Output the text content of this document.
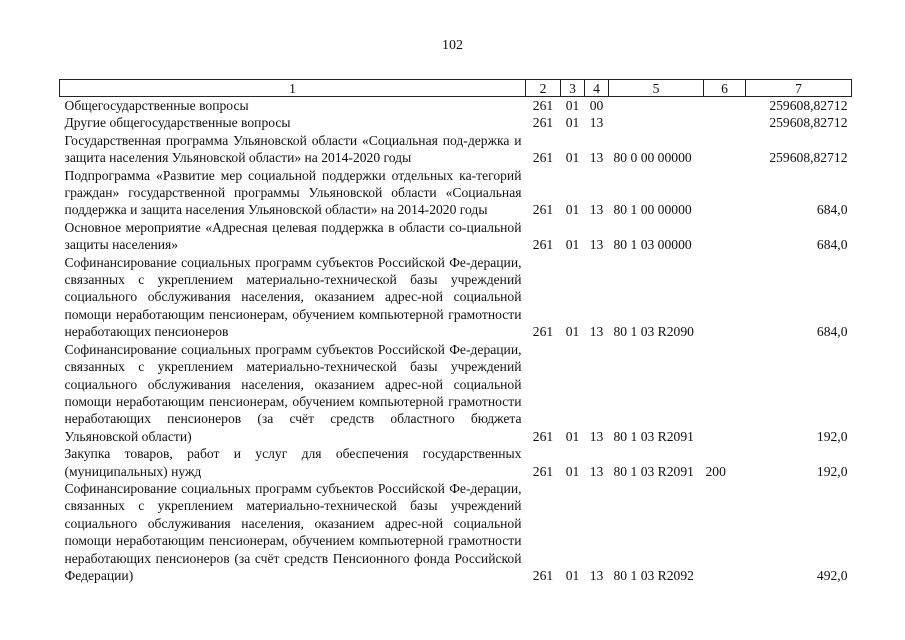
102
1	2	3	4	5	6	7
Общегосударственные вопросы	261	01	00			259608,82712
Другие общегосударственные вопросы	261	01	13			259608,82712
Государственная программа Ульяновской области «Социальная под-держка и защита населения Ульяновской области» на 2014-2020 годы	261	01	13	80 0 00 00000		259608,82712
Подпрограмма «Развитие мер социальной поддержки отдельных ка-тегорий граждан» государственной программы Ульяновской области «Социальная поддержка и защита населения Ульяновской области» на 2014-2020 годы	261	01	13	80 1 00 00000		684,0
Основное мероприятие «Адресная целевая поддержка в области со-циальной защиты населения»	261	01	13	80 1 03 00000		684,0
Софинансирование социальных программ субъектов Российской Фе-дерации, связанных с укреплением материально-технической базы учреждений социального обслуживания населения, оказанием адрес-ной социальной помощи неработающим пенсионерам, обучением компьютерной грамотности неработающих пенсионеров	261	01	13	80 1 03 R2090		684,0
Софинансирование социальных программ субъектов Российской Фе-дерации, связанных с укреплением материально-технической базы учреждений социального обслуживания населения, оказанием адрес-ной социальной помощи неработающим пенсионерам, обучением компьютерной грамотности неработающих пенсионеров (за счёт средств областного бюджета Ульяновской области)	261	01	13	80 1 03 R2091		192,0
Закупка товаров, работ и услуг для обеспечения государственных (муниципальных) нужд	261	01	13	80 1 03 R2091	200	192,0
Софинансирование социальных программ субъектов Российской Фе-дерации, связанных с укреплением материально-технической базы учреждений социального обслуживания населения, оказанием адрес-ной социальной помощи неработающим пенсионерам, обучением компьютерной грамотности неработающих пенсионеров (за счёт средств Пенсионного фонда Российской Федерации)	261	01	13	80 1 03 R2092		492,0
